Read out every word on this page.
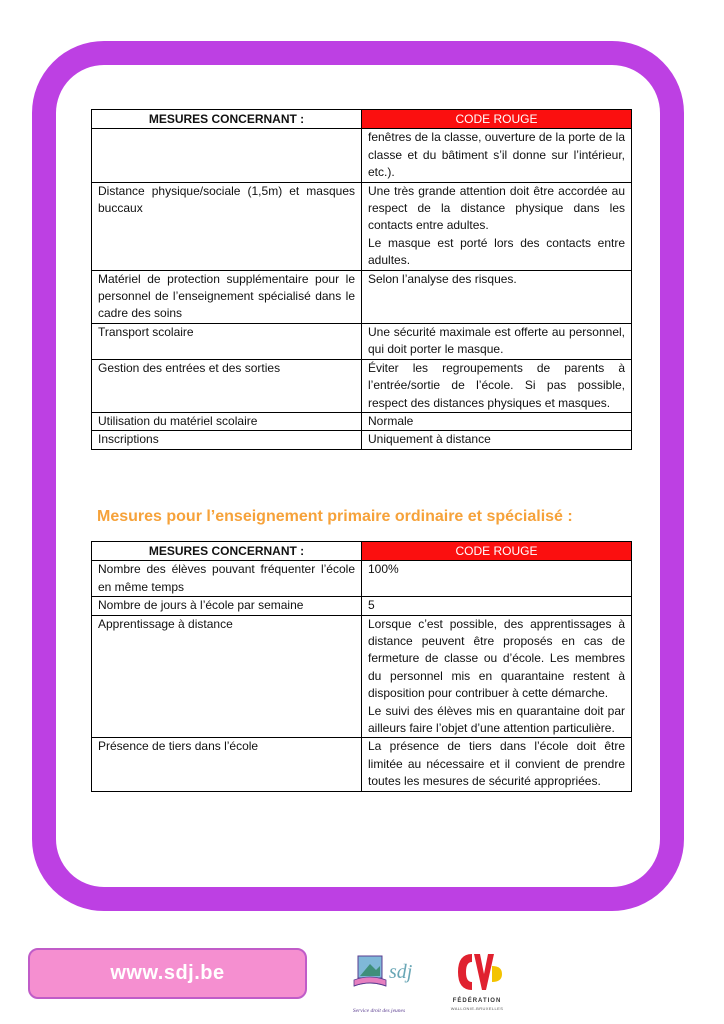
MESURES CONCERNANT :	CODE ROUGE

	fenêtres de la classe, ouverture de la porte de la classe et du bâtiment s’il donne sur l’intérieur, etc.).

Distance physique/sociale (1,5m) et masques buccaux	Une très grande attention doit être accordée au respect de la distance physique dans les contacts entre adultes.
Le masque est porté lors des contacts entre adultes.

Matériel de protection supplémentaire pour le personnel de l’enseignement spécialisé dans le cadre des soins	Selon l’analyse des risques.

Transport scolaire	Une sécurité maximale est offerte au personnel, qui doit porter le masque.

Gestion des entrées et des sorties	Éviter les regroupements de parents à l’entrée/sortie de l’école. Si pas possible, respect des distances physiques et masques.

Utilisation du matériel scolaire	Normale

Inscriptions	Uniquement à distance
Mesures pour l’enseignement primaire ordinaire et spécialisé :
MESURES CONCERNANT :	CODE ROUGE
Nombre des élèves pouvant fréquenter l’école en même temps	100%

Nombre de jours à l’école par semaine	5

Apprentissage à distance	Lorsque c’est possible, des apprentissages à distance peuvent être proposés en cas de fermeture de classe ou d’école. Les membres du personnel mis en quarantaine restent à disposition pour contribuer à cette démarche.
Le suivi des élèves mis en quarantaine doit par ailleurs faire l’objet d’une attention particulière.

Présence de tiers dans l’école	La présence de tiers dans l’école doit être limitée au nécessaire et il convient de prendre toutes les mesures de sécurité appropriées.
www.sdj.be	sdj
Service droit des jeunes
FÉDÉRATION
WALLONIE-BRUXELLES
